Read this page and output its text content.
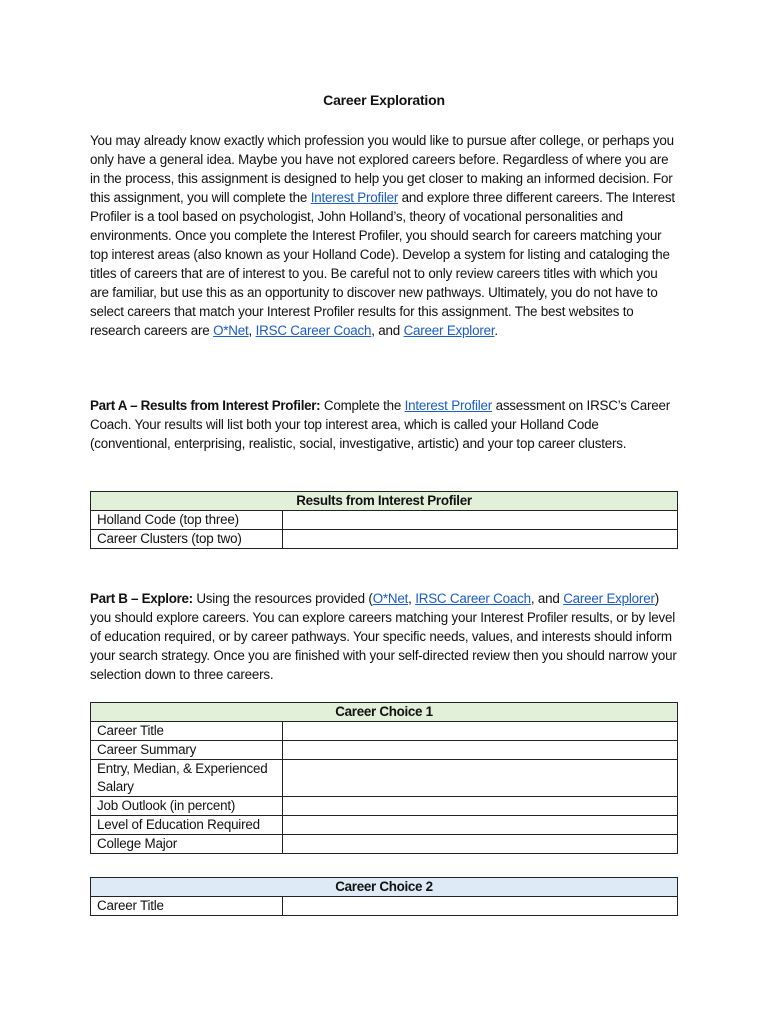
Career Exploration

You may already know exactly which profession you would like to pursue after college, or perhaps you only have a general idea. Maybe you have not explored careers before. Regardless of where you are in the process, this assignment is designed to help you get closer to making an informed decision. For this assignment, you will complete the Interest Profiler and explore three different careers. The Interest Profiler is a tool based on psychologist, John Holland’s, theory of vocational personalities and environments. Once you complete the Interest Profiler, you should search for careers matching your top interest areas (also known as your Holland Code). Develop a system for listing and cataloging the titles of careers that are of interest to you. Be careful not to only review careers titles with which you are familiar, but use this as an opportunity to discover new pathways. Ultimately, you do not have to select careers that match your Interest Profiler results for this assignment. The best websites to research careers are O*Net, IRSC Career Coach, and Career Explorer.

Part A – Results from Interest Profiler: Complete the Interest Profiler assessment on IRSC’s Career Coach. Your results will list both your top interest area, which is called your Holland Code (conventional, enterprising, realistic, social, investigative, artistic) and your top career clusters.

Results from Interest Profiler	
Holland Code (top three)	
Career Clusters (top two)	

Part B – Explore: Using the resources provided (O*Net, IRSC Career Coach, and Career Explorer) you should explore careers. You can explore careers matching your Interest Profiler results, or by level of education required, or by career pathways. Your specific needs, values, and interests should inform your search strategy. Once you are finished with your self-directed review then you should narrow your selection down to three careers.

Career Choice 1	
Career Title	
Career Summary	
Entry, Median, & Experienced Salary	
Job Outlook (in percent)	
Level of Education Required	
College Major	
Career Choice 2
Career Title	
